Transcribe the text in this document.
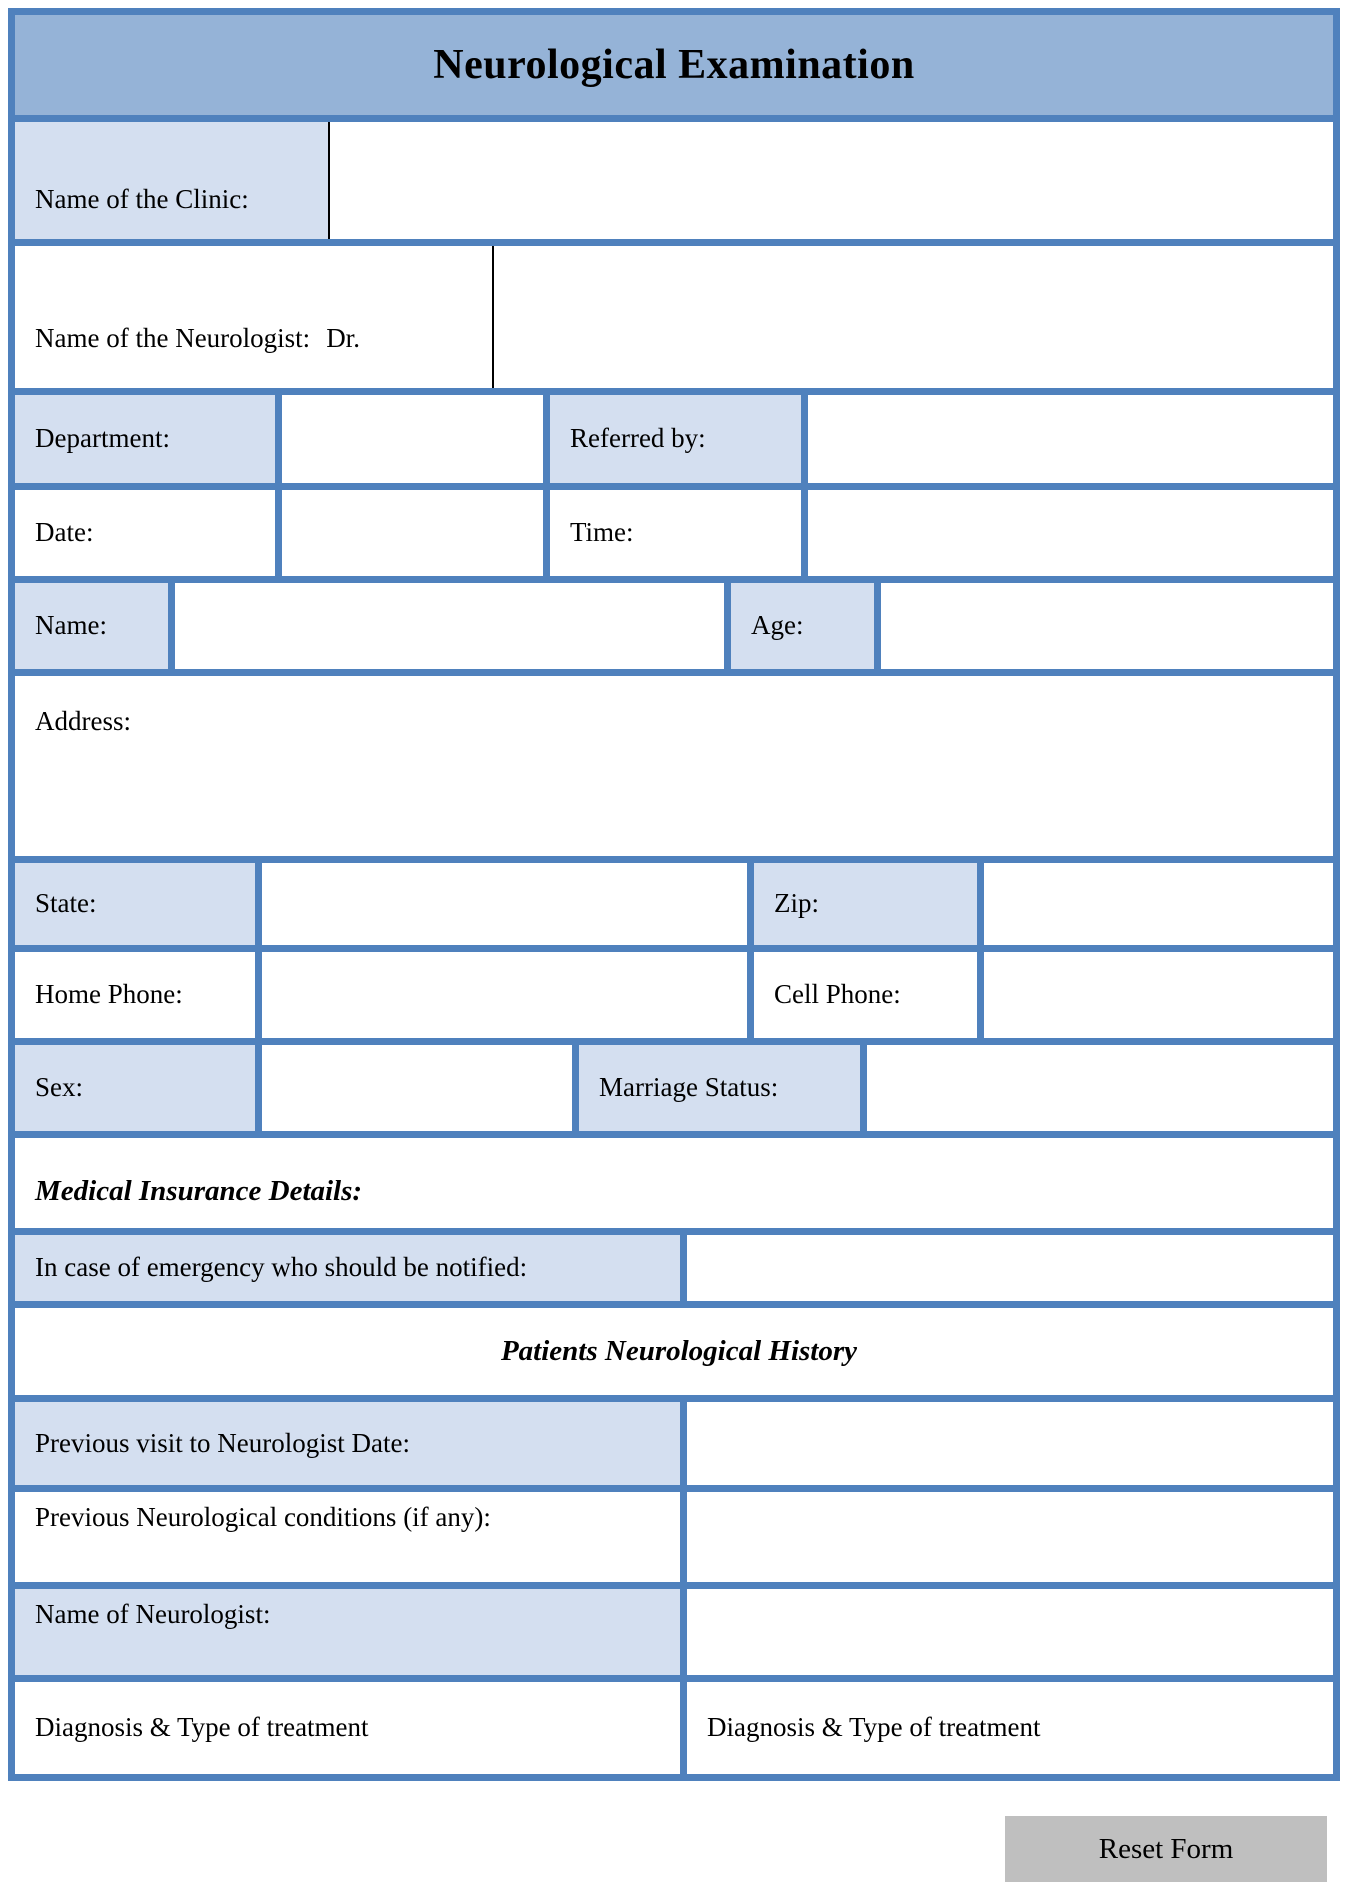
Neurological Examination
Name of the Clinic:
Name of the Neurologist: Dr.
Department:	Referred by:
Date:	Time:
Name:	Age:
Address:
State:	Zip:
Home Phone:	Cell Phone:
Sex:	Marriage Status:
Medical Insurance Details:
In case of emergency who should be notified:
Patients Neurological History
Previous visit to Neurologist Date:
Previous Neurological conditions (if any):
Name of Neurologist:
Diagnosis & Type of treatment	Diagnosis & Type of treatment
Reset Form
